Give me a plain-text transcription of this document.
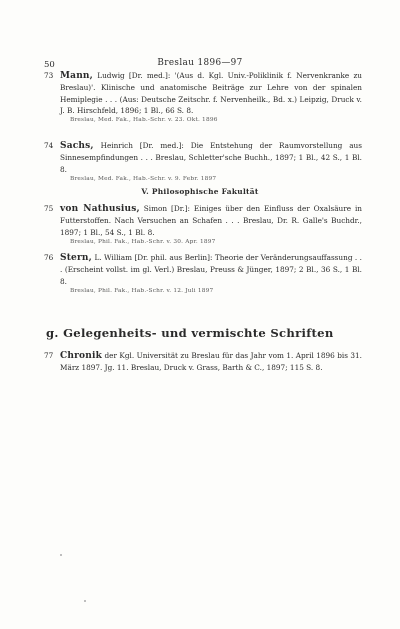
50	Breslau 1896—97
73 Mann, Ludwig [Dr. med.]: '(Aus d. Kgl. Univ.-Poliklinik f. Nervenkranke zu Breslau)'. Klinische und anatomische Beiträge zur Lehre von der spinalen Hemiplegie . . . (Aus: Deutsche Zeitschr. f. Nervenheilk., Bd. x.) Leipzig, Druck v. J. B. Hirschfeld, 1896; 1 Bl., 66 S. 8.
Breslau, Med. Fak., Hab.-Schr. v. 23. Okt. 1896
74 Sachs, Heinrich [Dr. med.]: Die Entstehung der Raumvorstellung aus Sinnesempfindungen . . . Breslau, Schletter'sche Buchh., 1897; 1 Bl., 42 S., 1 Bl. 8.
Breslau, Med. Fak., Hab.-Schr. v. 9. Febr. 1897
V. Philosophische Fakultät
75 von Nathusius, Simon [Dr.]: Einiges über den Einfluss der Oxalsäure in Futterstoffen. Nach Versuchen an Schafen . . . Breslau, Dr. R. Galle's Buchdr., 1897; 1 Bl., 54 S., 1 Bl. 8.
Breslau, Phil. Fak., Hab.-Schr. v. 30. Apr. 1897
76 Stern, L. William [Dr. phil. aus Berlin]: Theorie der Veränderungsauffassung . . . (Erscheint vollst. im gl. Verl.) Breslau, Preuss & Jünger, 1897; 2 Bl., 36 S., 1 Bl. 8.
Breslau, Phil. Fak., Hab.-Schr. v. 12. Juli 1897
g. Gelegenheits- und vermischte Schriften
77 Chronik der Kgl. Universität zu Breslau für das Jahr vom 1. April 1896 bis 31. März 1897. Jg. 11. Breslau, Druck v. Grass, Barth & C., 1897; 115 S. 8.
